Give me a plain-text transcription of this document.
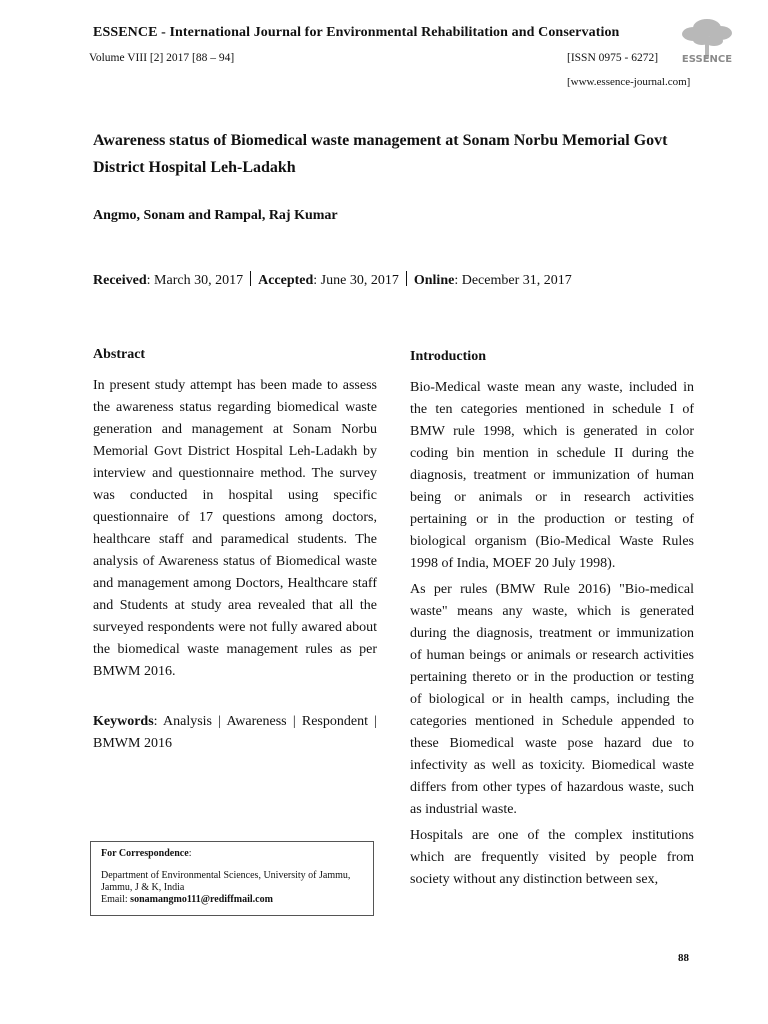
ESSENCE - International Journal for Environmental Rehabilitation and Conservation
Volume VIII [2] 2017 [88 – 94]	[ISSN 0975 - 6272]
[www.essence-journal.com]
ESSENCE
Awareness status of Biomedical waste management at Sonam Norbu Memorial Govt District Hospital Leh-Ladakh
Angmo, Sonam and Rampal, Raj Kumar
Received: March 30, 2017 Accepted: June 30, 2017 Online: December 31, 2017
Abstract
In present study attempt has been made to assess the awareness status regarding biomedical waste generation and management at Sonam Norbu Memorial Govt District Hospital Leh-Ladakh by interview and questionnaire method. The survey was conducted in hospital using specific questionnaire of 17 questions among doctors, healthcare staff and paramedical students. The analysis of Awareness status of Biomedical waste and management among Doctors, Healthcare staff and Students at study area revealed that all the surveyed respondents were not fully awared about the biomedical waste management rules as per BMWM 2016.
Keywords: Analysis | Awareness | Respondent | BMWM 2016
For Correspondence:
Department of Environmental Sciences, University of Jammu, Jammu, J & K, India
Email: sonamangmo111@rediffmail.com
Introduction

Bio-Medical waste mean any waste, included in the ten categories mentioned in schedule I of BMW rule 1998, which is generated in color coding bin mention in schedule II during the diagnosis, treatment or immunization of human being or animals or in research activities pertaining or in the production or testing of biological organism (Bio-Medical Waste Rules 1998 of India, MOEF 20 July 1998).

As per rules (BMW Rule 2016) "Bio-medical waste" means any waste, which is generated during the diagnosis, treatment or immunization of human beings or animals or research activities pertaining thereto or in the production or testing of biological or in health camps, including the categories mentioned in Schedule appended to these Biomedical waste pose hazard due to infectivity as well as toxicity. Biomedical waste differs from other types of hazardous waste, such as industrial waste.

Hospitals are one of the complex institutions which are frequently visited by people from society without any distinction between sex,

88
